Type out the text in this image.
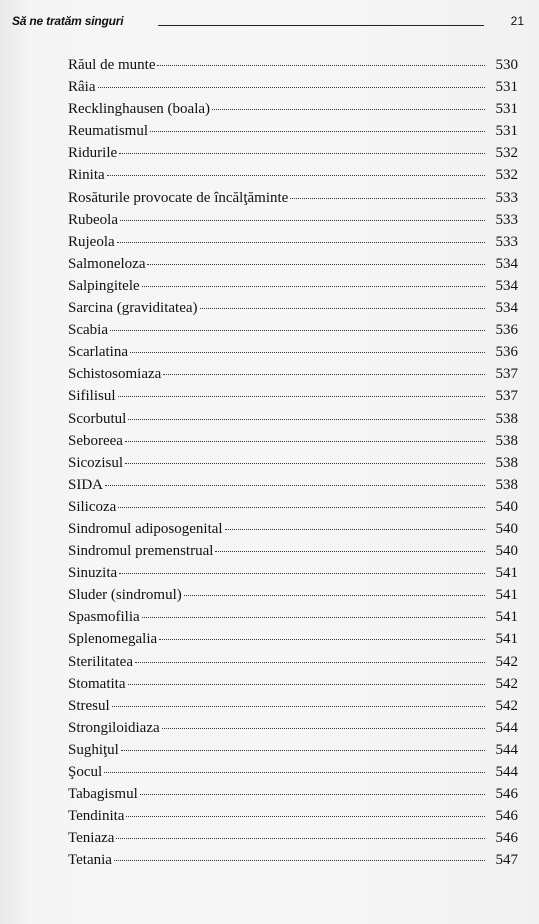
Să ne tratăm singuri	21
Răul de munte	530
Râia	531
Recklinghausen (boala)	531
Reumatismul	531
Ridurile	532
Rinita	532
Rosăturile provocate de încălţăminte	533
Rubeola	533
Rujeola	533
Salmoneloza	534
Salpingitele	534
Sarcina (graviditatea)	534
Scabia	536
Scarlatina	536
Schistosomiaza	537
Sifilisul	537
Scorbutul	538
Seboreea	538
Sicozisul	538
SIDA	538
Silicoza	540
Sindromul adiposogenital	540
Sindromul premenstrual	540
Sinuzita	541
Sluder (sindromul)	541
Spasmofilia	541
Splenomegalia	541
Sterilitatea	542
Stomatita	542
Stresul	542
Strongiloidiaza	544
Sughiţul	544
Şocul	544
Tabagismul	546
Tendinita	546
Teniaza	546
Tetania	547
